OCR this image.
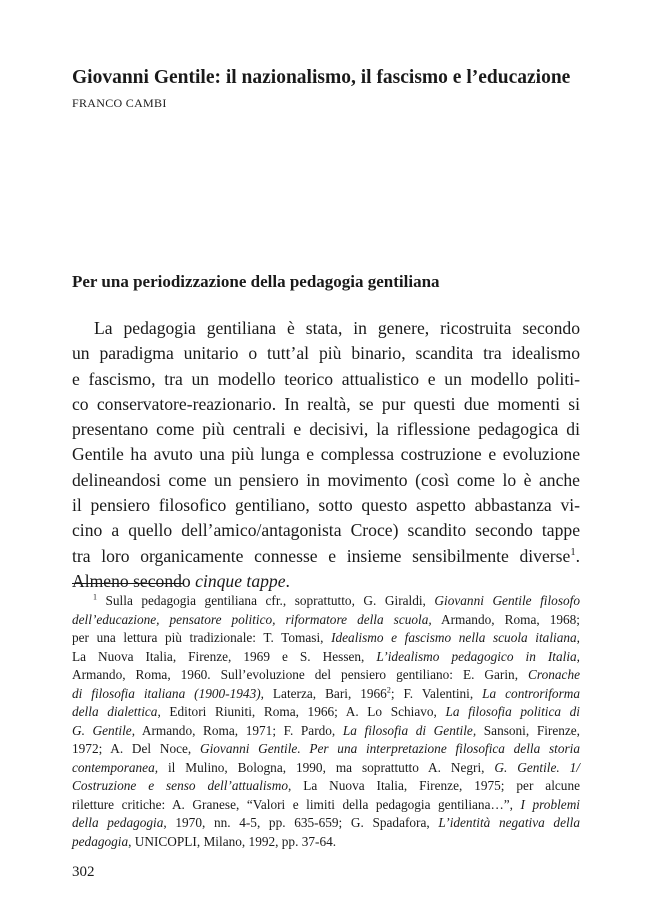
Giovanni Gentile: il nazionalismo, il fascismo e l’educazione
FRANCO CAMBI
Per una periodizzazione della pedagogia gentiliana
La pedagogia gentiliana è stata, in genere, ricostruita secondo
un paradigma unitario o tutt’al più binario, scandita tra idealismo
e fascismo, tra un modello teorico attualistico e un modello politi-
co conservatore-reazionario. In realtà, se pur questi due momenti si
presentano come più centrali e decisivi, la riflessione pedagogica di
Gentile ha avuto una più lunga e complessa costruzione e evoluzione
delineandosi come un pensiero in movimento (così come lo è anche
il pensiero filosofico gentiliano, sotto questo aspetto abbastanza vi-
cino a quello dell’amico/antagonista Croce) scandito secondo tappe
tra loro organicamente connesse e insieme sensibilmente diverse$^1$.
Almeno secondo cinque tappe.
$^1$ Sulla pedagogia gentiliana cfr., soprattutto, G. Giraldi, Giovanni Gentile filosofo
dell’educazione, pensatore politico, riformatore della scuola, Armando, Roma, 1968;
per una lettura più tradizionale: T. Tomasi, Idealismo e fascismo nella scuola italiana,
La Nuova Italia, Firenze, 1969 e S. Hessen, L’idealismo pedagogico in Italia,
Armando, Roma, 1960. Sull’evoluzione del pensiero gentiliano: E. Garin, Cronache
di filosofia italiana (1900-1943), Laterza, Bari, 1966$^2$; F. Valentini, La controriforma
della dialettica, Editori Riuniti, Roma, 1966; A. Lo Schiavo, La filosofia politica di
G. Gentile, Armando, Roma, 1971; F. Pardo, La filosofia di Gentile, Sansoni, Firenze,
1972; A. Del Noce, Giovanni Gentile. Per una interpretazione filosofica della storia
contemporanea, il Mulino, Bologna, 1990, ma soprattutto A. Negri, G. Gentile. 1/
Costruzione e senso dell’attualismo, La Nuova Italia, Firenze, 1975; per alcune
riletture critiche: A. Granese, “Valori e limiti della pedagogia gentiliana…”, I problemi
della pedagogia, 1970, nn. 4-5, pp. 635-659; G. Spadafora, L’identità negativa della
pedagogia, UNICOPLI, Milano, 1992, pp. 37-64.
302
